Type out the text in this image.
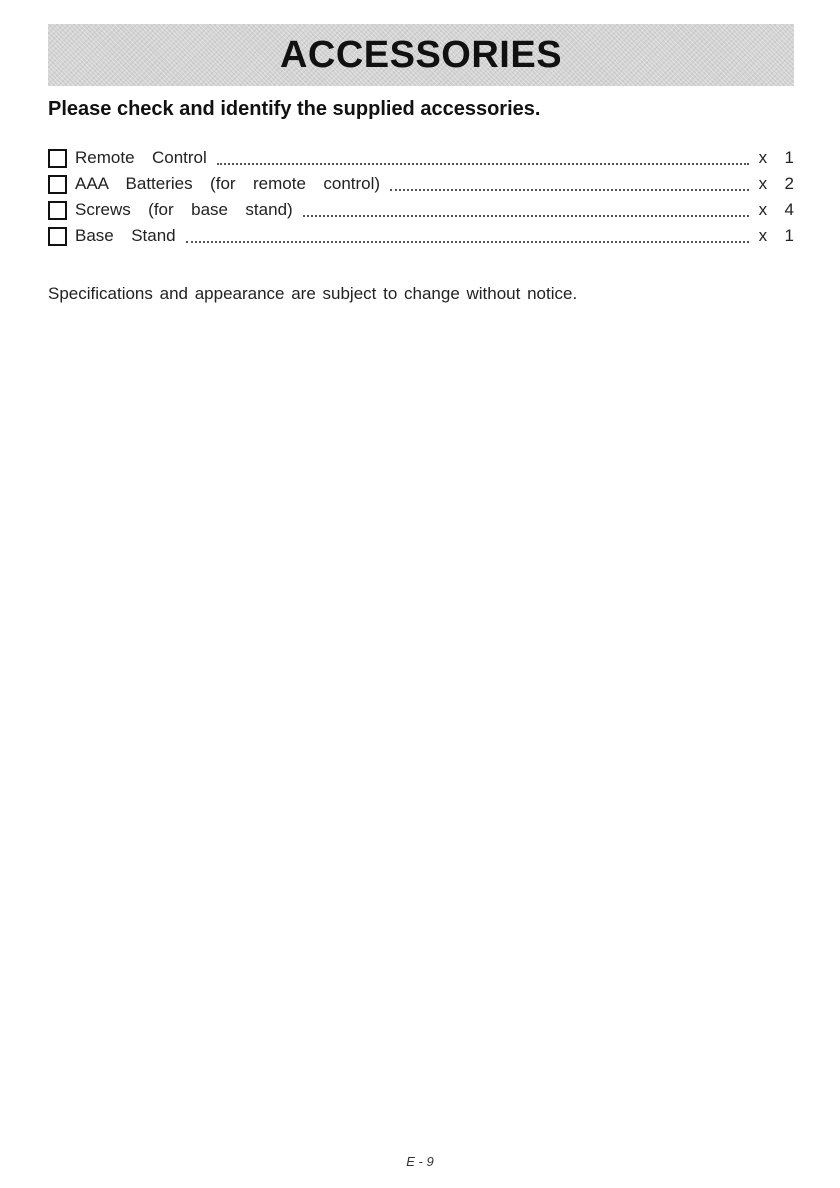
ACCESSORIES
Please check and identify the supplied accessories.
Remote  Control	x  1
AAA  Batteries  (for  remote  control)	x  2
Screws  (for  base  stand)	x  4
Base  Stand	x  1
Specifications and appearance are subject to change without notice.
E - 9
